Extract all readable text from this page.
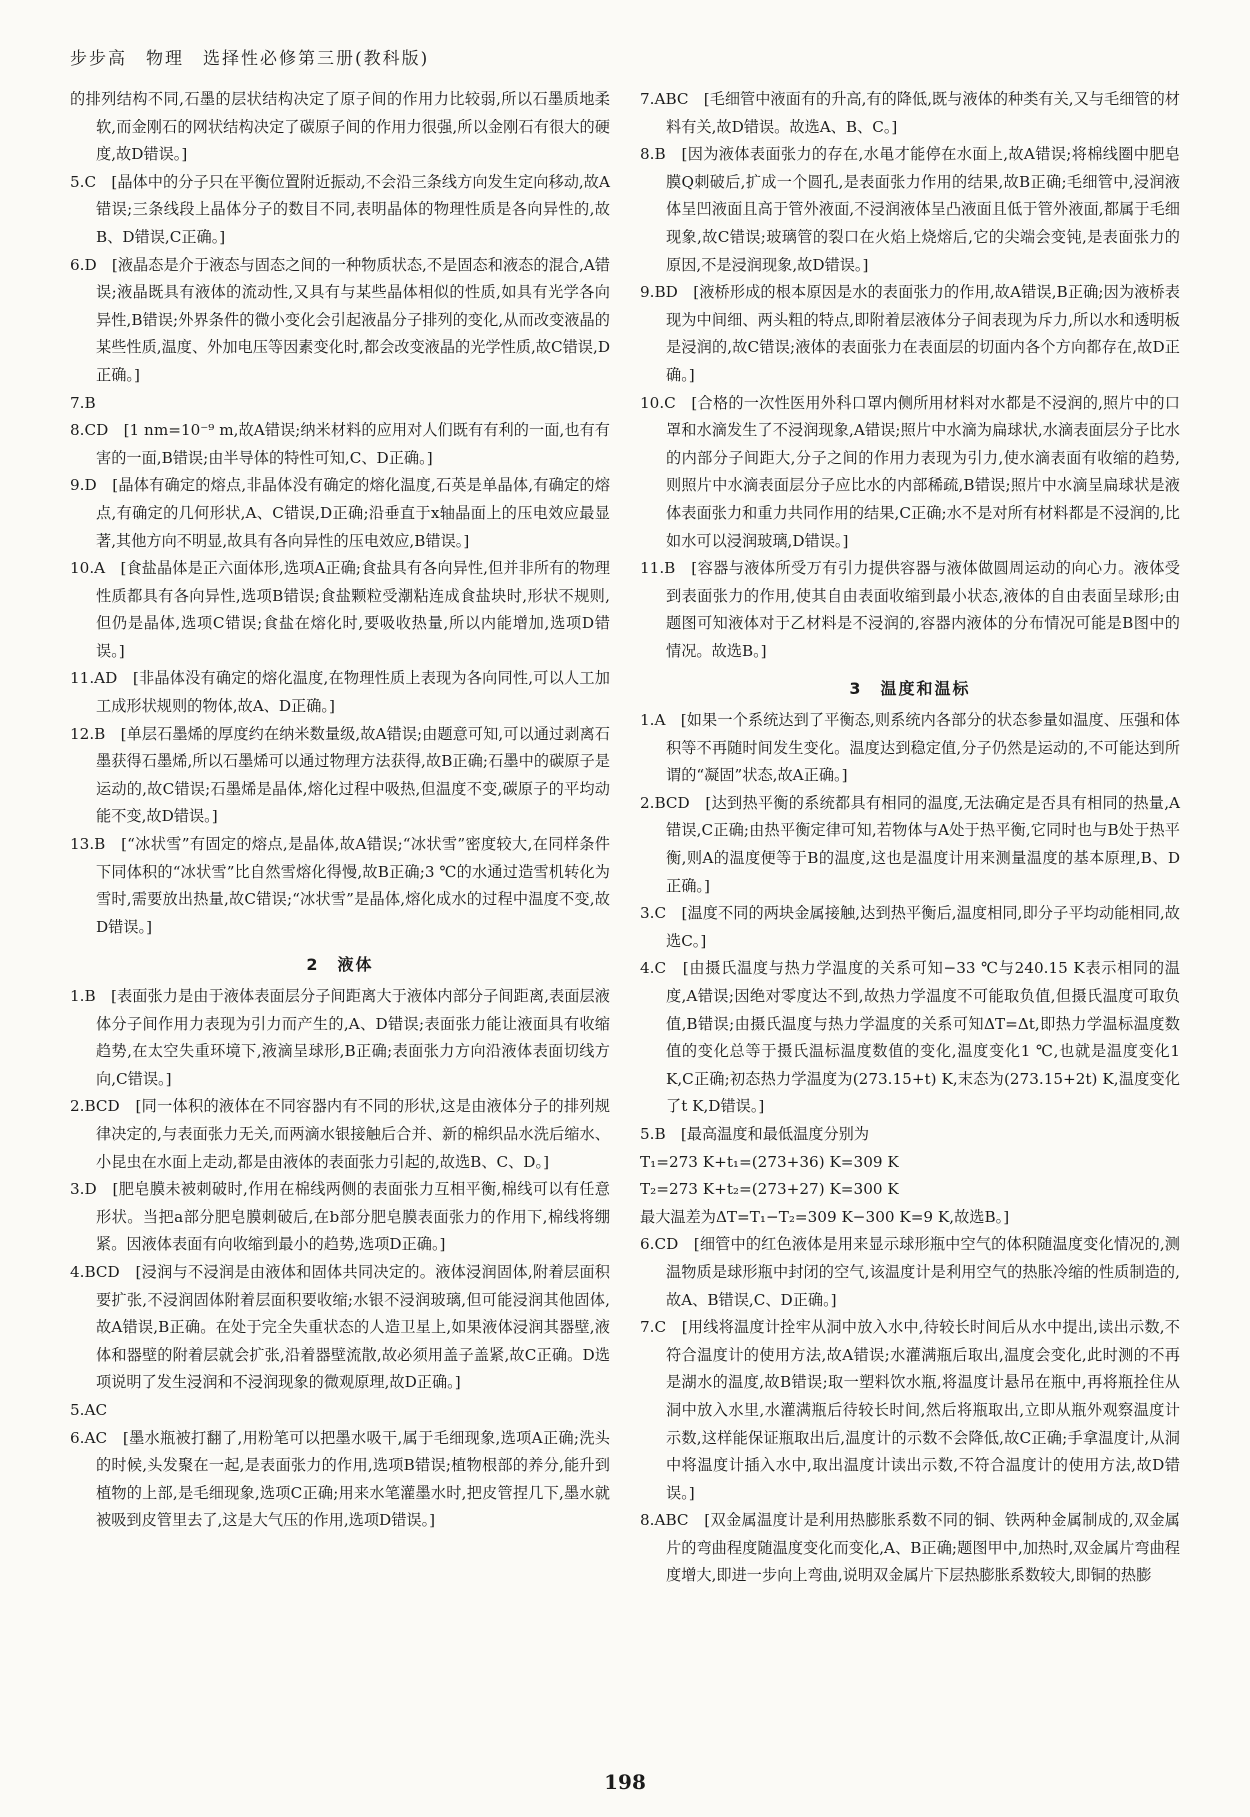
步步高　物理　选择性必修第三册(教科版)

的排列结构不同,石墨的层状结构决定了原子间的作用力比较弱,所以石墨质地柔软,而金刚石的网状结构决定了碳原子间的作用力很强,所以金刚石有很大的硬度,故D错误。]

5.C　[晶体中的分子只在平衡位置附近振动,不会沿三条线方向发生定向移动,故A错误;三条线段上晶体分子的数目不同,表明晶体的物理性质是各向异性的,故B、D错误,C正确。]

6.D　[液晶态是介于液态与固态之间的一种物质状态,不是固态和液态的混合,A错误;液晶既具有液体的流动性,又具有与某些晶体相似的性质,如具有光学各向异性,B错误;外界条件的微小变化会引起液晶分子排列的变化,从而改变液晶的某些性质,温度、外加电压等因素变化时,都会改变液晶的光学性质,故C错误,D正确。]

7.B

8.CD　[1 nm=10⁻⁹ m,故A错误;纳米材料的应用对人们既有有利的一面,也有有害的一面,B错误;由半导体的特性可知,C、D正确。]

9.D　[晶体有确定的熔点,非晶体没有确定的熔化温度,石英是单晶体,有确定的熔点,有确定的几何形状,A、C错误,D正确;沿垂直于x轴晶面上的压电效应最显著,其他方向不明显,故具有各向异性的压电效应,B错误。]

10.A　[食盐晶体是正六面体形,选项A正确;食盐具有各向异性,但并非所有的物理性质都具有各向异性,选项B错误;食盐颗粒受潮粘连成食盐块时,形状不规则,但仍是晶体,选项C错误;食盐在熔化时,要吸收热量,所以内能增加,选项D错误。]

11.AD　[非晶体没有确定的熔化温度,在物理性质上表现为各向同性,可以人工加工成形状规则的物体,故A、D正确。]

12.B　[单层石墨烯的厚度约在纳米数量级,故A错误;由题意可知,可以通过剥离石墨获得石墨烯,所以石墨烯可以通过物理方法获得,故B正确;石墨中的碳原子是运动的,故C错误;石墨烯是晶体,熔化过程中吸热,但温度不变,碳原子的平均动能不变,故D错误。]

13.B　[“冰状雪”有固定的熔点,是晶体,故A错误;“冰状雪”密度较大,在同样条件下同体积的“冰状雪”比自然雪熔化得慢,故B正确;3 ℃的水通过造雪机转化为雪时,需要放出热量,故C错误;“冰状雪”是晶体,熔化成水的过程中温度不变,故D错误。]

2　液体

1.B　[表面张力是由于液体表面层分子间距离大于液体内部分子间距离,表面层液体分子间作用力表现为引力而产生的,A、D错误;表面张力能让液面具有收缩趋势,在太空失重环境下,液滴呈球形,B正确;表面张力方向沿液体表面切线方向,C错误。]

2.BCD　[同一体积的液体在不同容器内有不同的形状,这是由液体分子的排列规律决定的,与表面张力无关,而两滴水银接触后合并、新的棉织品水洗后缩水、小昆虫在水面上走动,都是由液体的表面张力引起的,故选B、C、D。]

3.D　[肥皂膜未被刺破时,作用在棉线两侧的表面张力互相平衡,棉线可以有任意形状。当把a部分肥皂膜刺破后,在b部分肥皂膜表面张力的作用下,棉线将绷紧。因液体表面有向收缩到最小的趋势,选项D正确。]

4.BCD　[浸润与不浸润是由液体和固体共同决定的。液体浸润固体,附着层面积要扩张,不浸润固体附着层面积要收缩;水银不浸润玻璃,但可能浸润其他固体,故A错误,B正确。在处于完全失重状态的人造卫星上,如果液体浸润其器壁,液体和器壁的附着层就会扩张,沿着器壁流散,故必须用盖子盖紧,故C正确。D选项说明了发生浸润和不浸润现象的微观原理,故D正确。]

5.AC

6.AC　[墨水瓶被打翻了,用粉笔可以把墨水吸干,属于毛细现象,选项A正确;洗头的时候,头发聚在一起,是表面张力的作用,选项B错误;植物根部的养分,能升到植物的上部,是毛细现象,选项C正确;用来水笔灌墨水时,把皮管捏几下,墨水就被吸到皮管里去了,这是大气压的作用,选项D错误。]

7.ABC　[毛细管中液面有的升高,有的降低,既与液体的种类有关,又与毛细管的材料有关,故D错误。故选A、B、C。]

8.B　[因为液体表面张力的存在,水黾才能停在水面上,故A错误;将棉线圈中肥皂膜Q刺破后,扩成一个圆孔,是表面张力作用的结果,故B正确;毛细管中,浸润液体呈凹液面且高于管外液面,不浸润液体呈凸液面且低于管外液面,都属于毛细现象,故C错误;玻璃管的裂口在火焰上烧熔后,它的尖端会变钝,是表面张力的原因,不是浸润现象,故D错误。]

9.BD　[液桥形成的根本原因是水的表面张力的作用,故A错误,B正确;因为液桥表现为中间细、两头粗的特点,即附着层液体分子间表现为斥力,所以水和透明板是浸润的,故C错误;液体的表面张力在表面层的切面内各个方向都存在,故D正确。]

10.C　[合格的一次性医用外科口罩内侧所用材料对水都是不浸润的,照片中的口罩和水滴发生了不浸润现象,A错误;照片中水滴为扁球状,水滴表面层分子比水的内部分子间距大,分子之间的作用力表现为引力,使水滴表面有收缩的趋势,则照片中水滴表面层分子应比水的内部稀疏,B错误;照片中水滴呈扁球状是液体表面张力和重力共同作用的结果,C正确;水不是对所有材料都是不浸润的,比如水可以浸润玻璃,D错误。]

11.B　[容器与液体所受万有引力提供容器与液体做圆周运动的向心力。液体受到表面张力的作用,使其自由表面收缩到最小状态,液体的自由表面呈球形;由题图可知液体对于乙材料是不浸润的,容器内液体的分布情况可能是B图中的情况。故选B。]

3　温度和温标

1.A　[如果一个系统达到了平衡态,则系统内各部分的状态参量如温度、压强和体积等不再随时间发生变化。温度达到稳定值,分子仍然是运动的,不可能达到所谓的“凝固”状态,故A正确。]

2.BCD　[达到热平衡的系统都具有相同的温度,无法确定是否具有相同的热量,A错误,C正确;由热平衡定律可知,若物体与A处于热平衡,它同时也与B处于热平衡,则A的温度便等于B的温度,这也是温度计用来测量温度的基本原理,B、D正确。]

3.C　[温度不同的两块金属接触,达到热平衡后,温度相同,即分子平均动能相同,故选C。]

4.C　[由摄氏温度与热力学温度的关系可知−33 ℃与240.15 K表示相同的温度,A错误;因绝对零度达不到,故热力学温度不可能取负值,但摄氏温度可取负值,B错误;由摄氏温度与热力学温度的关系可知ΔT=Δt,即热力学温标温度数值的变化总等于摄氏温标温度数值的变化,温度变化1 ℃,也就是温度变化1 K,C正确;初态热力学温度为(273.15+t) K,末态为(273.15+2t) K,温度变化了t K,D错误。]

5.B　[最高温度和最低温度分别为

T₁=273 K+t₁=(273+36) K=309 K

T₂=273 K+t₂=(273+27) K=300 K

最大温差为ΔT=T₁−T₂=309 K−300 K=9 K,故选B。]

6.CD　[细管中的红色液体是用来显示球形瓶中空气的体积随温度变化情况的,测温物质是球形瓶中封闭的空气,该温度计是利用空气的热胀冷缩的性质制造的,故A、B错误,C、D正确。]

7.C　[用线将温度计拴牢从洞中放入水中,待较长时间后从水中提出,读出示数,不符合温度计的使用方法,故A错误;水灌满瓶后取出,温度会变化,此时测的不再是湖水的温度,故B错误;取一塑料饮水瓶,将温度计悬吊在瓶中,再将瓶拴住从洞中放入水里,水灌满瓶后待较长时间,然后将瓶取出,立即从瓶外观察温度计示数,这样能保证瓶取出后,温度计的示数不会降低,故C正确;手拿温度计,从洞中将温度计插入水中,取出温度计读出示数,不符合温度计的使用方法,故D错误。]

8.ABC　[双金属温度计是利用热膨胀系数不同的铜、铁两种金属制成的,双金属片的弯曲程度随温度变化而变化,A、B正确;题图甲中,加热时,双金属片弯曲程度增大,即进一步向上弯曲,说明双金属片下层热膨胀系数较大,即铜的热膨

198
